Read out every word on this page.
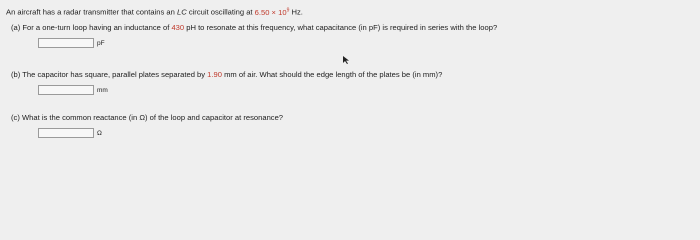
An aircraft has a radar transmitter that contains an LC circuit oscillating at $6.50 \times 10^9$ Hz.
(a) For a one-turn loop having an inductance of 430 pH to resonate at this frequency, what capacitance (in pF) is required in series with the loop?
pF
(b) The capacitor has square, parallel plates separated by 1.90 mm of air. What should the edge length of the plates be (in mm)?
mm
(c) What is the common reactance (in Ω) of the loop and capacitor at resonance?
Ω
